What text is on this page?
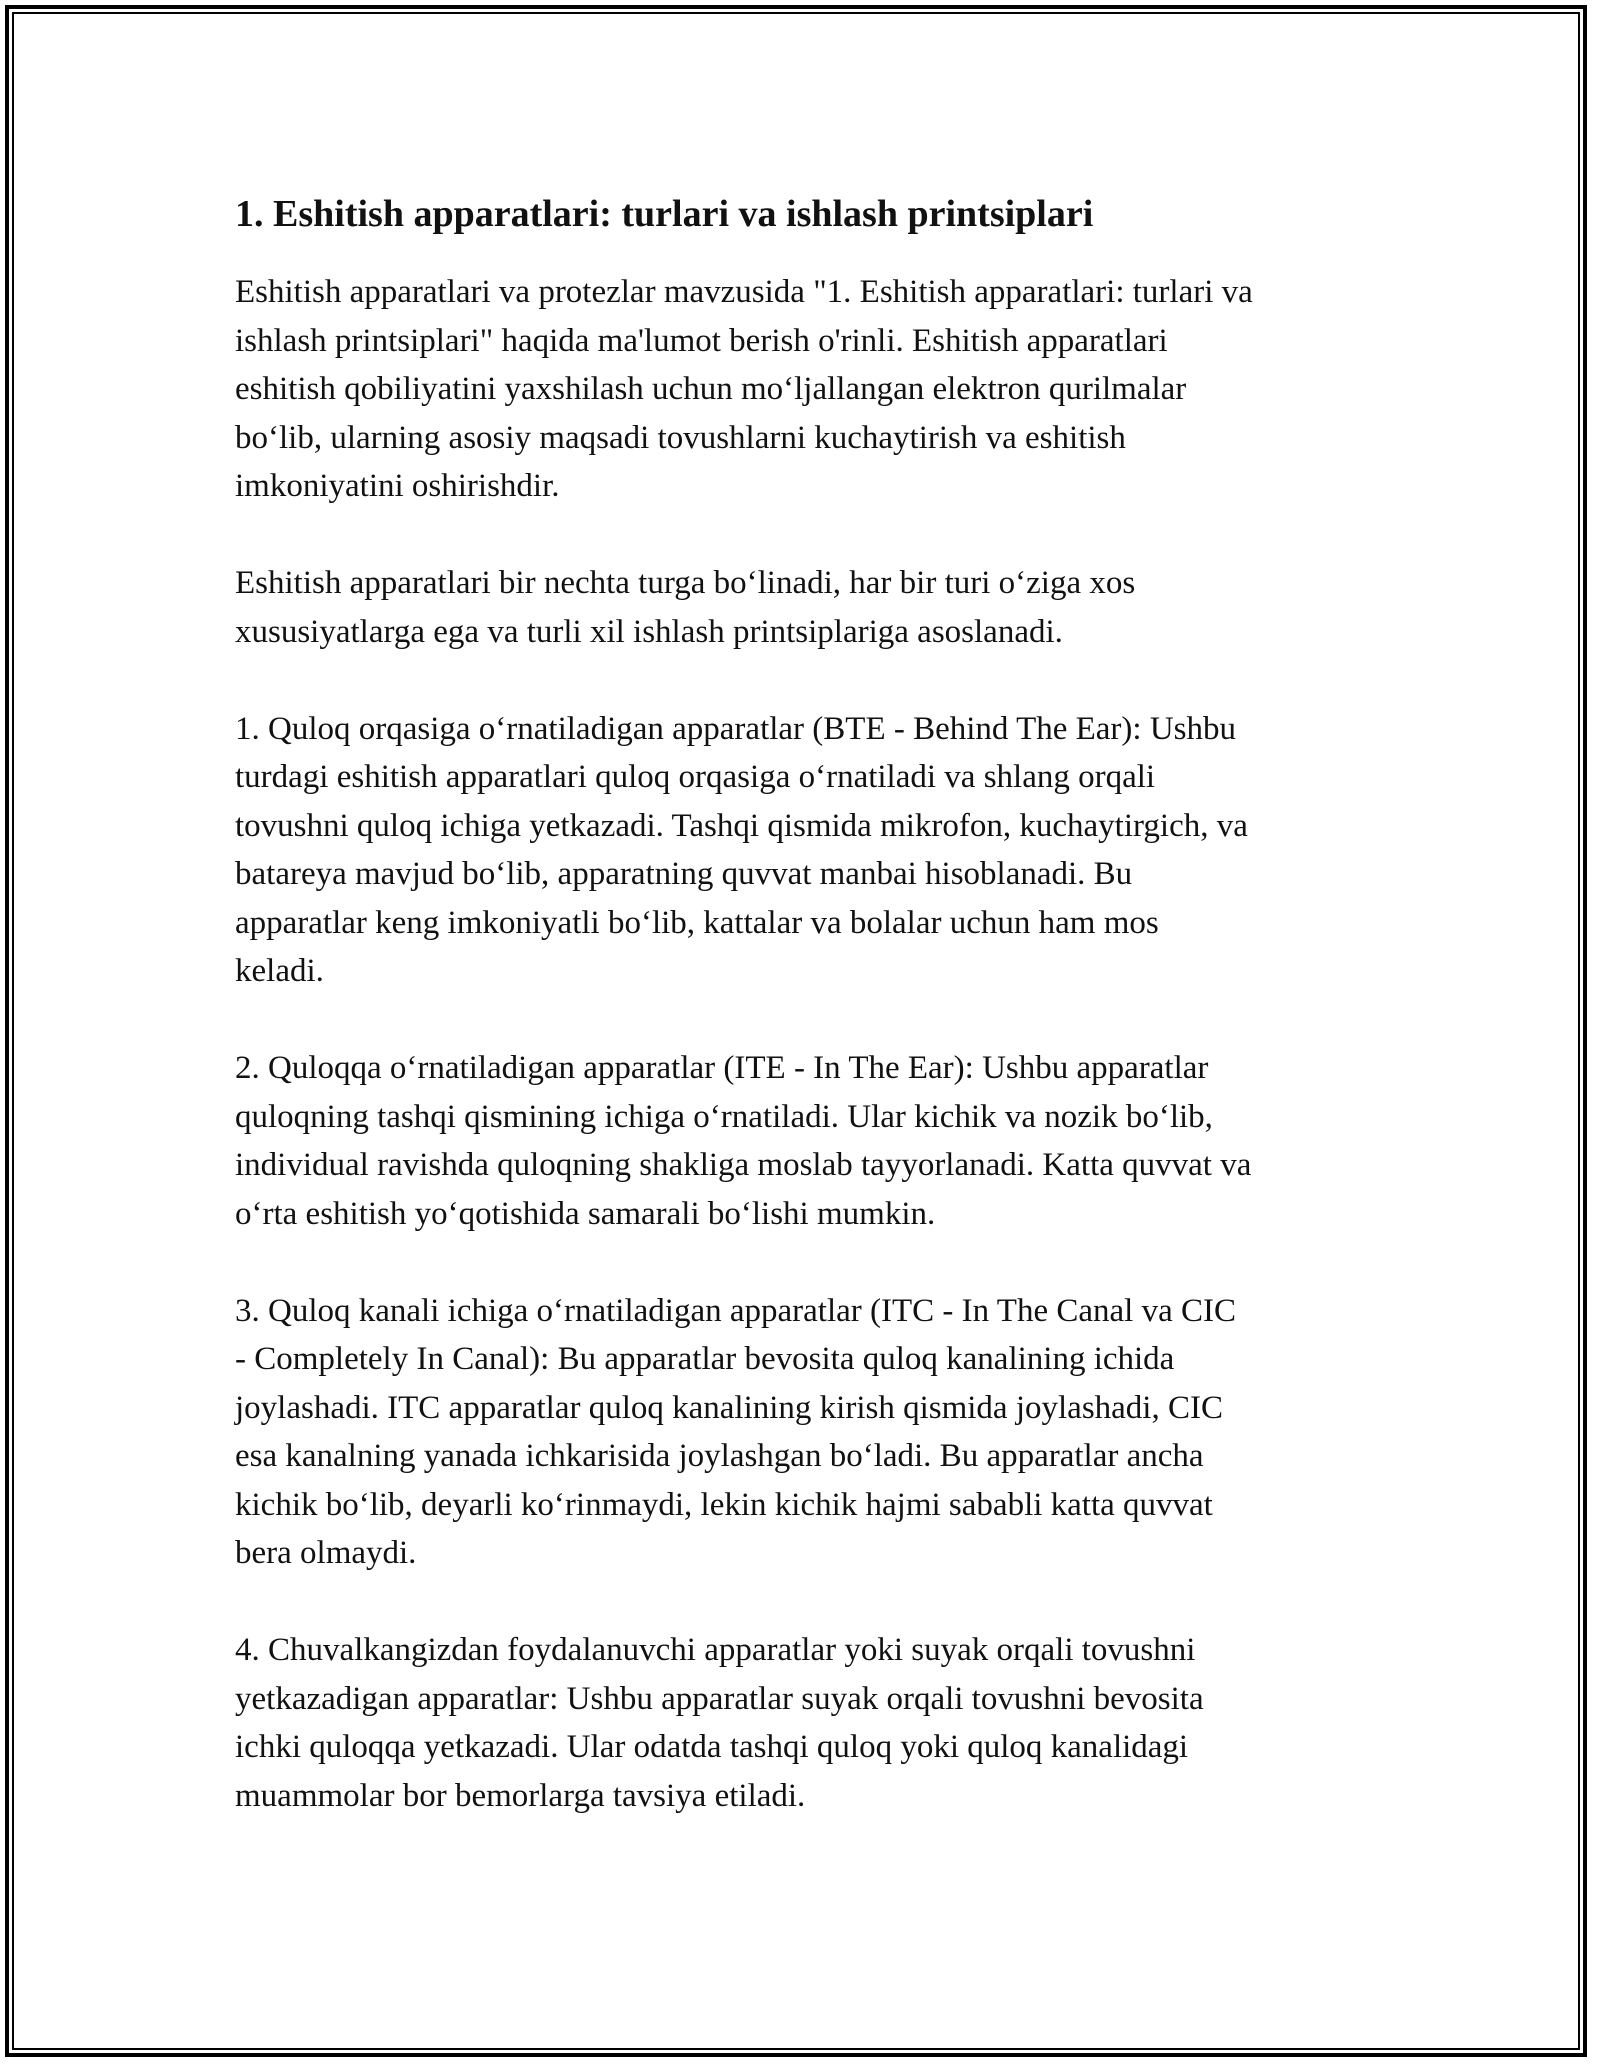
1. Eshitish apparatlari: turlari va ishlash printsiplari

Eshitish apparatlari va protezlar mavzusida "1. Eshitish apparatlari: turlari va
ishlash printsiplari" haqida ma'lumot berish o'rinli. Eshitish apparatlari
eshitish qobiliyatini yaxshilash uchun moʻljallangan elektron qurilmalar
boʻlib, ularning asosiy maqsadi tovushlarni kuchaytirish va eshitish
imkoniyatini oshirishdir.

Eshitish apparatlari bir nechta turga boʻlinadi, har bir turi oʻziga xos
xususiyatlarga ega va turli xil ishlash printsiplariga asoslanadi.

1. Quloq orqasiga oʻrnatiladigan apparatlar (BTE - Behind The Ear): Ushbu
turdagi eshitish apparatlari quloq orqasiga oʻrnatiladi va shlang orqali
tovushni quloq ichiga yetkazadi. Tashqi qismida mikrofon, kuchaytirgich, va
batareya mavjud boʻlib, apparatning quvvat manbai hisoblanadi. Bu
apparatlar keng imkoniyatli boʻlib, kattalar va bolalar uchun ham mos
keladi.

2. Quloqqa oʻrnatiladigan apparatlar (ITE - In The Ear): Ushbu apparatlar
quloqning tashqi qismining ichiga oʻrnatiladi. Ular kichik va nozik boʻlib,
individual ravishda quloqning shakliga moslab tayyorlanadi. Katta quvvat va
oʻrta eshitish yoʻqotishida samarali boʻlishi mumkin.

3. Quloq kanali ichiga oʻrnatiladigan apparatlar (ITC - In The Canal va CIC
- Completely In Canal): Bu apparatlar bevosita quloq kanalining ichida
joylashadi. ITC apparatlar quloq kanalining kirish qismida joylashadi, CIC
esa kanalning yanada ichkarisida joylashgan boʻladi. Bu apparatlar ancha
kichik boʻlib, deyarli koʻrinmaydi, lekin kichik hajmi sababli katta quvvat
bera olmaydi.

4. Chuvalkangizdan foydalanuvchi apparatlar yoki suyak orqali tovushni
yetkazadigan apparatlar: Ushbu apparatlar suyak orqali tovushni bevosita
ichki quloqqa yetkazadi. Ular odatda tashqi quloq yoki quloq kanalidagi
muammolar bor bemorlarga tavsiya etiladi.
